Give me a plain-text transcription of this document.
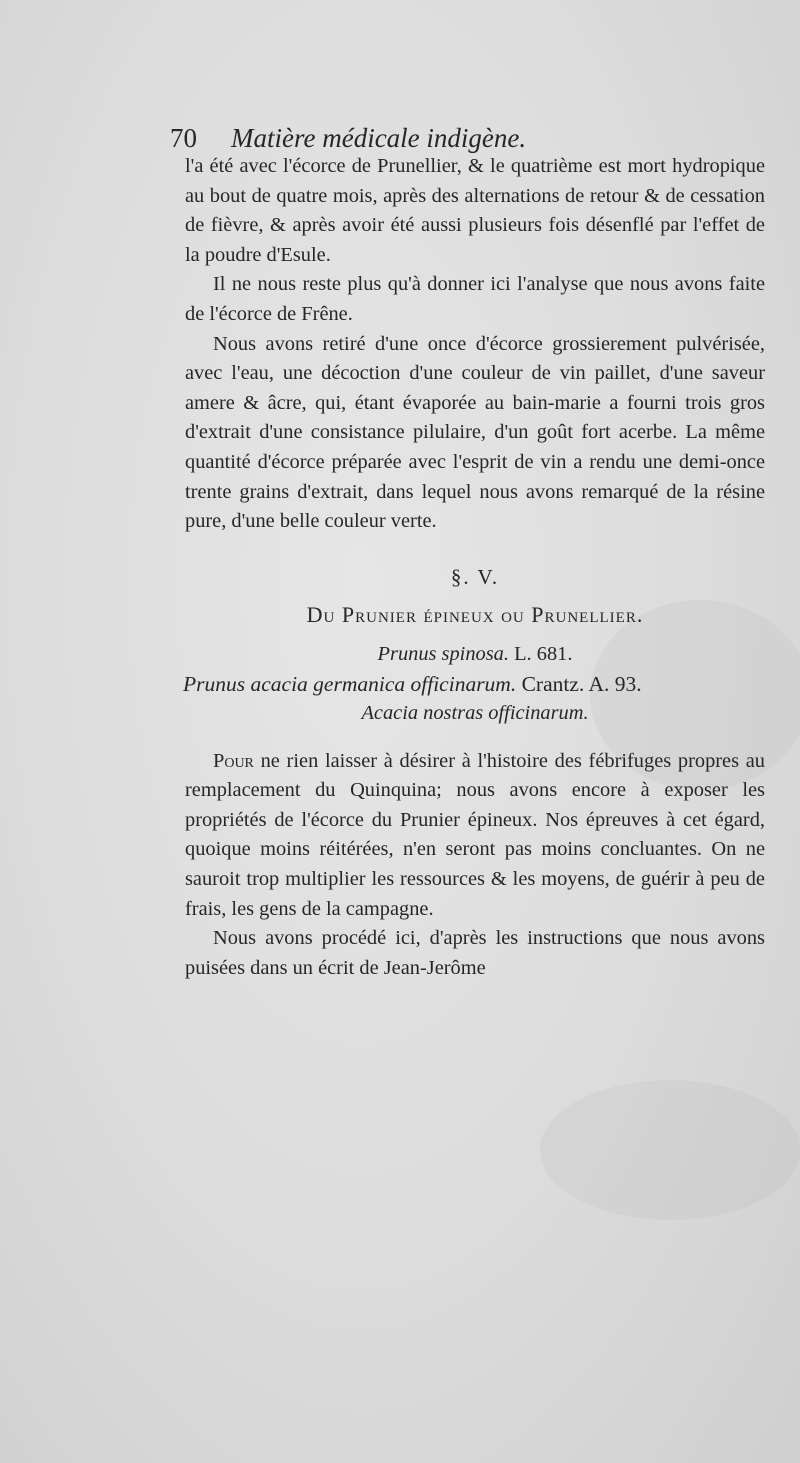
70 Matière médicale indigène.

l'a été avec l'écorce de Prunellier, & le quatrième est mort hydropique au bout de quatre mois, après des alternations de retour & de cessation de fièvre, & après avoir été aussi plusieurs fois désenflé par l'effet de la poudre d'Esule.

Il ne nous reste plus qu'à donner ici l'analyse que nous avons faite de l'écorce de Frêne.

Nous avons retiré d'une once d'écorce grossierement pulvérisée, avec l'eau, une décoction d'une couleur de vin paillet, d'une saveur amere & âcre, qui, étant évaporée au bain-marie a fourni trois gros d'extrait d'une consistance pilulaire, d'un goût fort acerbe. La même quantité d'écorce préparée avec l'esprit de vin a rendu une demi-once trente grains d'extrait, dans lequel nous avons remarqué de la résine pure, d'une belle couleur verte.

§. V.
Du Prunier épineux ou Prunellier.

Prunus spinosa. L. 681.

Prunus acacia germanica officinarum. Crantz. A. 93.

Acacia nostras officinarum.

Pour ne rien laisser à désirer à l'histoire des fébrifuges propres au remplacement du Quinquina; nous avons encore à exposer les propriétés de l'écorce du Prunier épineux. Nos épreuves à cet égard, quoique moins réitérées, n'en seront pas moins concluantes. On ne sauroit trop multiplier les ressources & les moyens, de guérir à peu de frais, les gens de la campagne.

Nous avons procédé ici, d'après les instructions que nous avons puisées dans un écrit de Jean-Jerôme
